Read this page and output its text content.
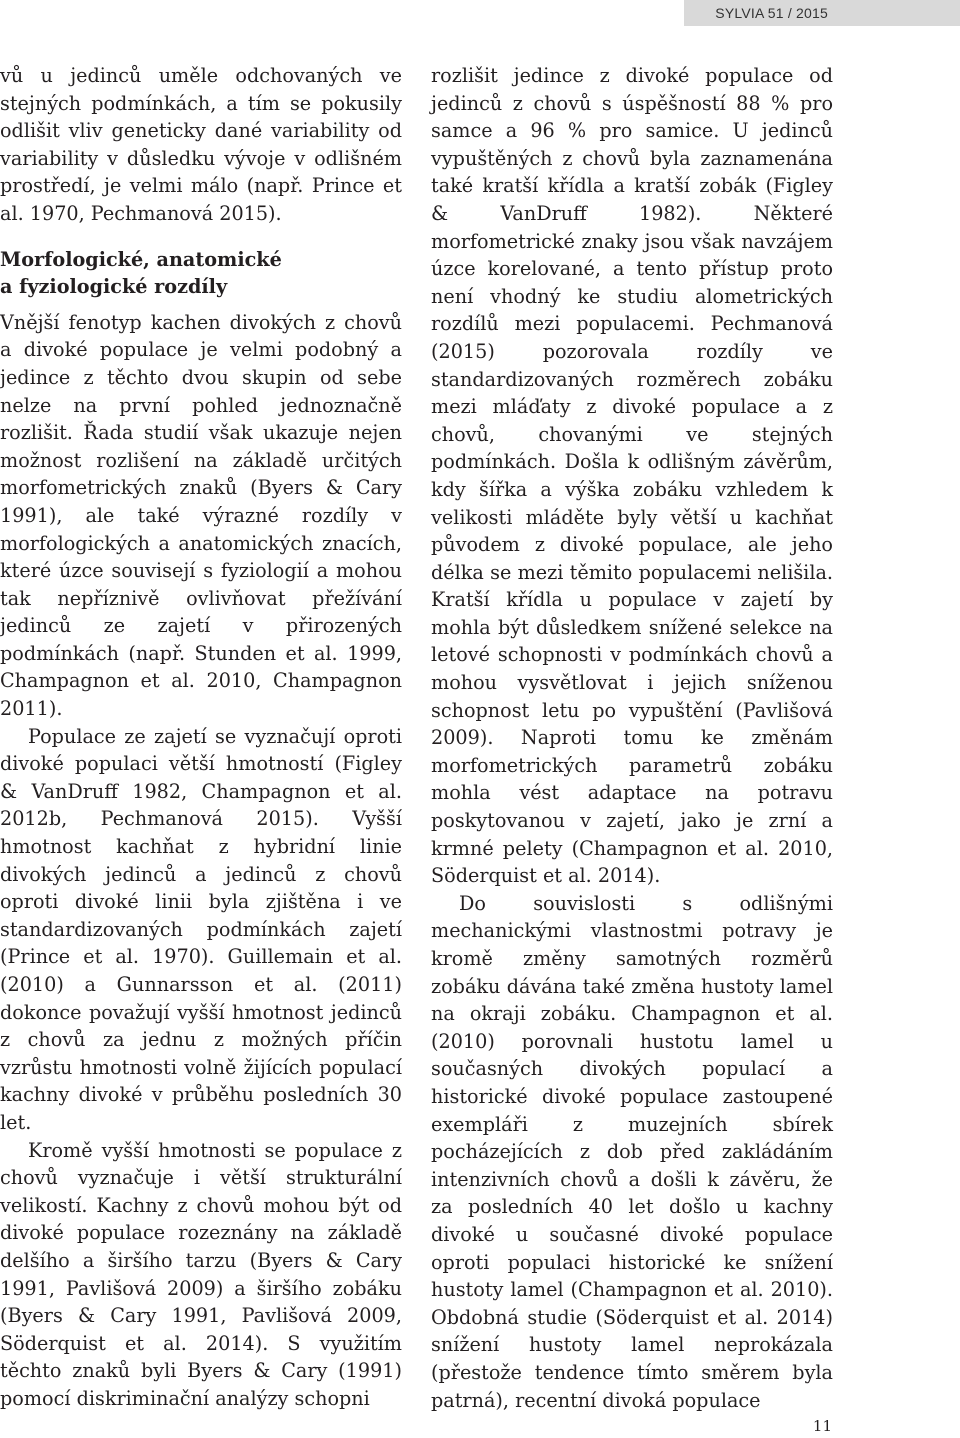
SYLVIA 51 / 2015

vů u jedinců uměle odchovaných ve stejných podmínkách, a tím se pokusily odlišit vliv geneticky dané variability od variability v důsledku vývoje v odlišném prostředí, je velmi málo (např. Prince et al. 1970, Pechmanová 2015).

Morfologické, anatomické
a fyziologické rozdíly

Vnější fenotyp kachen divokých z chovů a divoké populace je velmi podobný a jedince z těchto dvou skupin od sebe nelze na první pohled jednoznačně rozlišit. Řada studií však ukazuje nejen možnost rozlišení na základě určitých morfometrických znaků (Byers & Cary 1991), ale také výrazné rozdíly v morfologických a anatomických znacích, které úzce souvisejí s fyziologií a mohou tak nepříznivě ovlivňovat přežívání jedinců ze zajetí v přirozených podmínkách (např. Stunden et al. 1999, Champagnon et al. 2010, Champagnon 2011).

Populace ze zajetí se vyznačují oproti divoké populaci větší hmotností (Figley & VanDruff 1982, Champagnon et al. 2012b, Pechmanová 2015). Vyšší hmotnost kachňat z hybridní linie divokých jedinců a jedinců z chovů oproti divoké linii byla zjištěna i ve standardizovaných podmínkách zajetí (Prince et al. 1970). Guillemain et al. (2010) a Gunnarsson et al. (2011) dokonce považují vyšší hmotnost jedinců z chovů za jednu z možných příčin vzrůstu hmotnosti volně žijících populací kachny divoké v průběhu posledních 30 let.

Kromě vyšší hmotnosti se populace z chovů vyznačuje i větší strukturální velikostí. Kachny z chovů mohou být od divoké populace rozeznány na základě delšího a širšího tarzu (Byers & Cary 1991, Pavlišová 2009) a širšího zobáku (Byers & Cary 1991, Pavlišová 2009, Söderquist et al. 2014). S využitím těchto znaků byli Byers & Cary (1991) pomocí diskriminační analýzy schopni

rozlišit jedince z divoké populace od jedinců z chovů s úspěšností 88 % pro samce a 96 % pro samice. U jedinců vypuštěných z chovů byla zaznamenána také kratší křídla a kratší zobák (Figley & VanDruff 1982). Některé morfometrické znaky jsou však navzájem úzce korelované, a tento přístup proto není vhodný ke studiu alometrických rozdílů mezi populacemi. Pechmanová (2015) pozorovala rozdíly ve standardizovaných rozměrech zobáku mezi mláďaty z divoké populace a z chovů, chovanými ve stejných podmínkách. Došla k odlišným závěrům, kdy šířka a výška zobáku vzhledem k velikosti mláděte byly větší u kachňat původem z divoké populace, ale jeho délka se mezi těmito populacemi nelišila. Kratší křídla u populace v zajetí by mohla být důsledkem snížené selekce na letové schopnosti v podmínkách chovů a mohou vysvětlovat i jejich sníženou schopnost letu po vypuštění (Pavlišová 2009). Naproti tomu ke změnám morfometrických parametrů zobáku mohla vést adaptace na potravu poskytovanou v zajetí, jako je zrní a krmné pelety (Champagnon et al. 2010, Söderquist et al. 2014).

Do souvislosti s odlišnými mechanickými vlastnostmi potravy je kromě změny samotných rozměrů zobáku dávána také změna hustoty lamel na okraji zobáku. Champagnon et al. (2010) porovnali hustotu lamel u současných divokých populací a historické divoké populace zastoupené exempláři z muzejních sbírek pocházejících z dob před zakládáním intenzivních chovů a došli k závěru, že za posledních 40 let došlo u kachny divoké u současné divoké populace oproti populaci historické ke snížení hustoty lamel (Champagnon et al. 2010). Obdobná studie (Söderquist et al. 2014) snížení hustoty lamel neprokázala (přestože tendence tímto směrem byla patrná), recentní divoká populace

11
